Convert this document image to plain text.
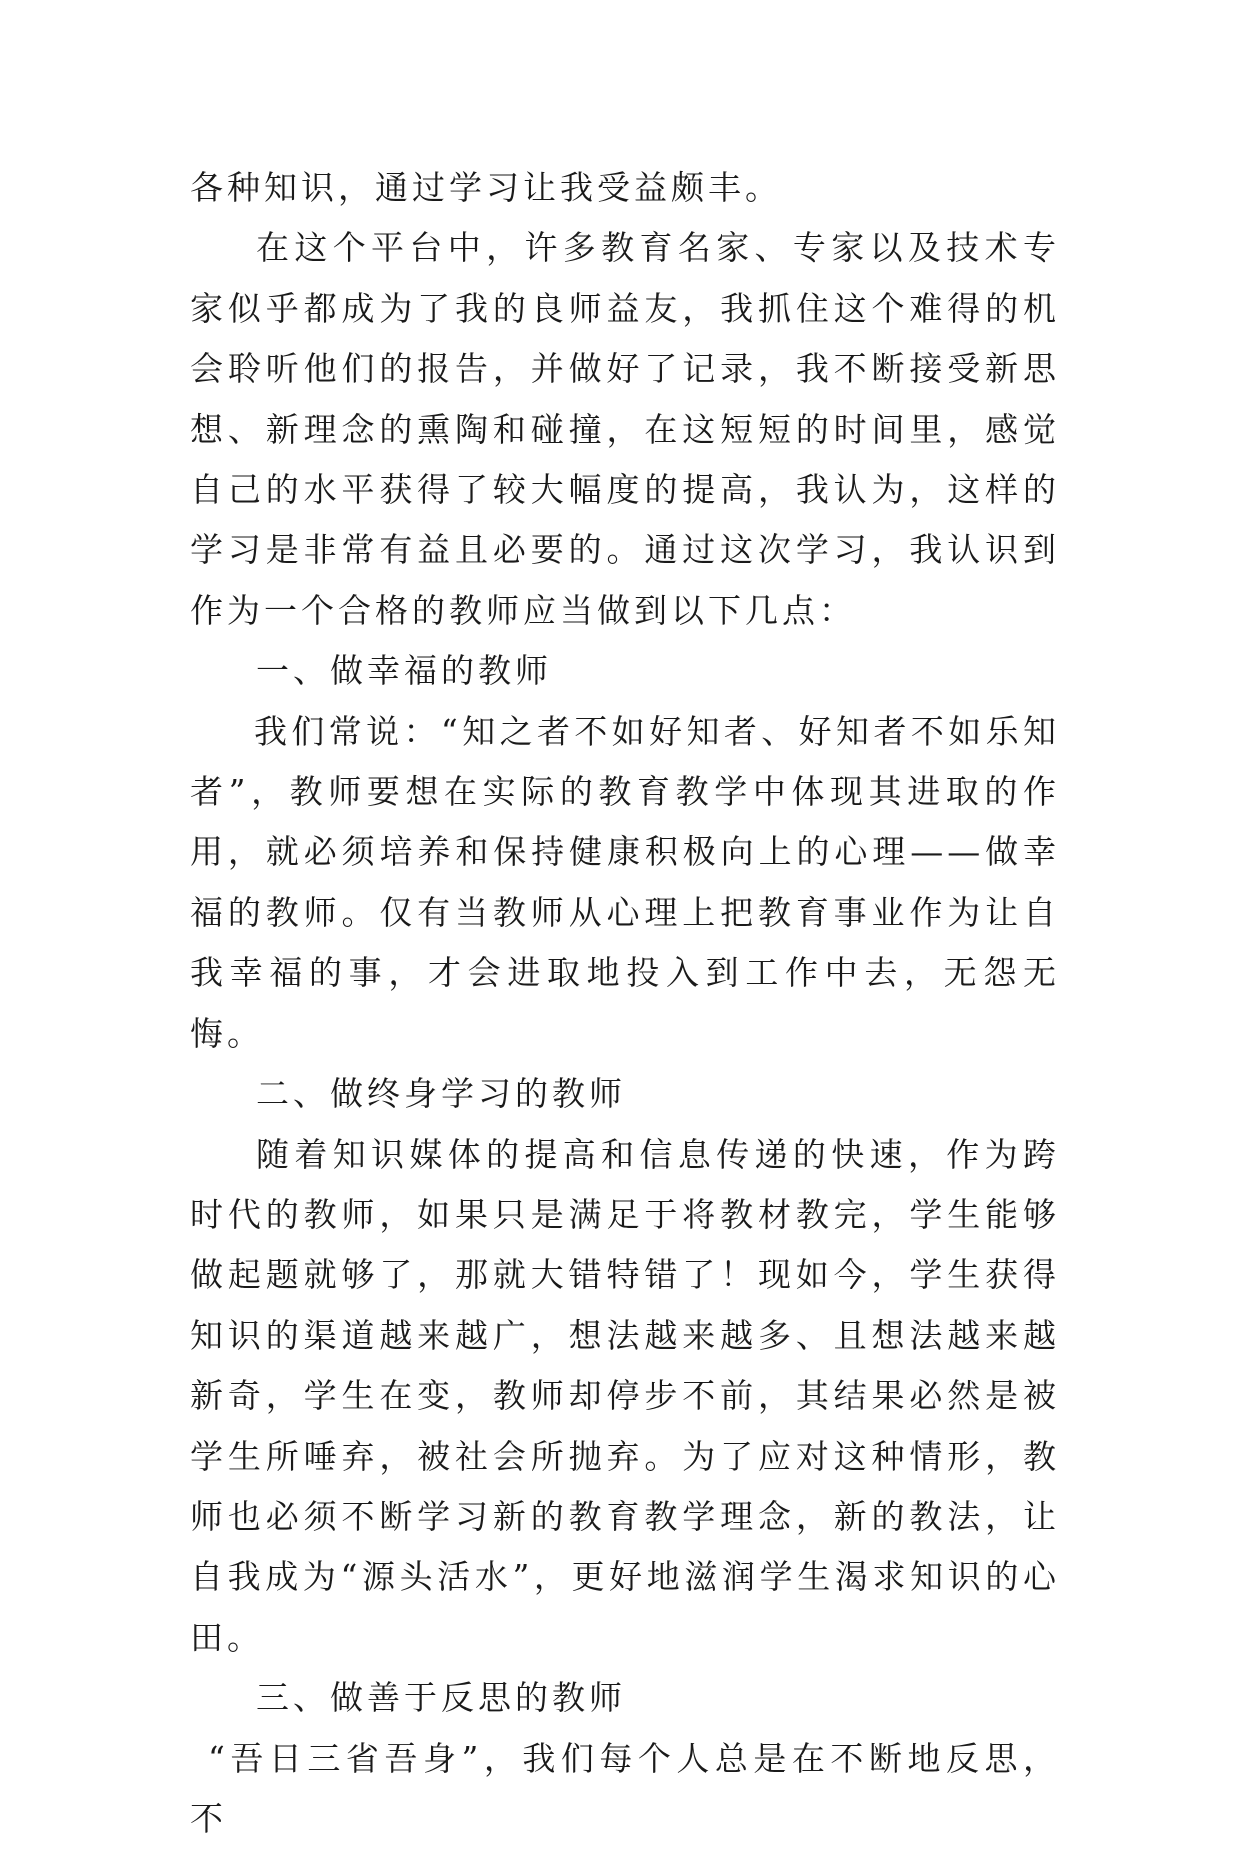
各种知识，通过学习让我受益颇丰。

在这个平台中，许多教育名家、专家以及技术专家似乎都成为了我的良师益友，我抓住这个难得的机会聆听他们的报告，并做好了记录，我不断接受新思想、新理念的熏陶和碰撞，在这短短的时间里，感觉自己的水平获得了较大幅度的提高，我认为，这样的学习是非常有益且必要的。通过这次学习，我认识到作为一个合格的教师应当做到以下几点：

一、做幸福的教师

我们常说：“知之者不如好知者、好知者不如乐知者”，教师要想在实际的教育教学中体现其进取的作用，就必须培养和保持健康积极向上的心理——做幸福的教师。仅有当教师从心理上把教育事业作为让自我幸福的事，才会进取地投入到工作中去，无怨无悔。

二、做终身学习的教师

随着知识媒体的提高和信息传递的快速，作为跨时代的教师，如果只是满足于将教材教完，学生能够做起题就够了，那就大错特错了！现如今，学生获得知识的渠道越来越广，想法越来越多、且想法越来越新奇，学生在变，教师却停步不前，其结果必然是被学生所唾弃，被社会所抛弃。为了应对这种情形，教师也必须不断学习新的教育教学理念，新的教法，让自我成为“源头活水”，更好地滋润学生渴求知识的心田。

三、做善于反思的教师

“吾日三省吾身”，我们每个人总是在不断地反思，不
